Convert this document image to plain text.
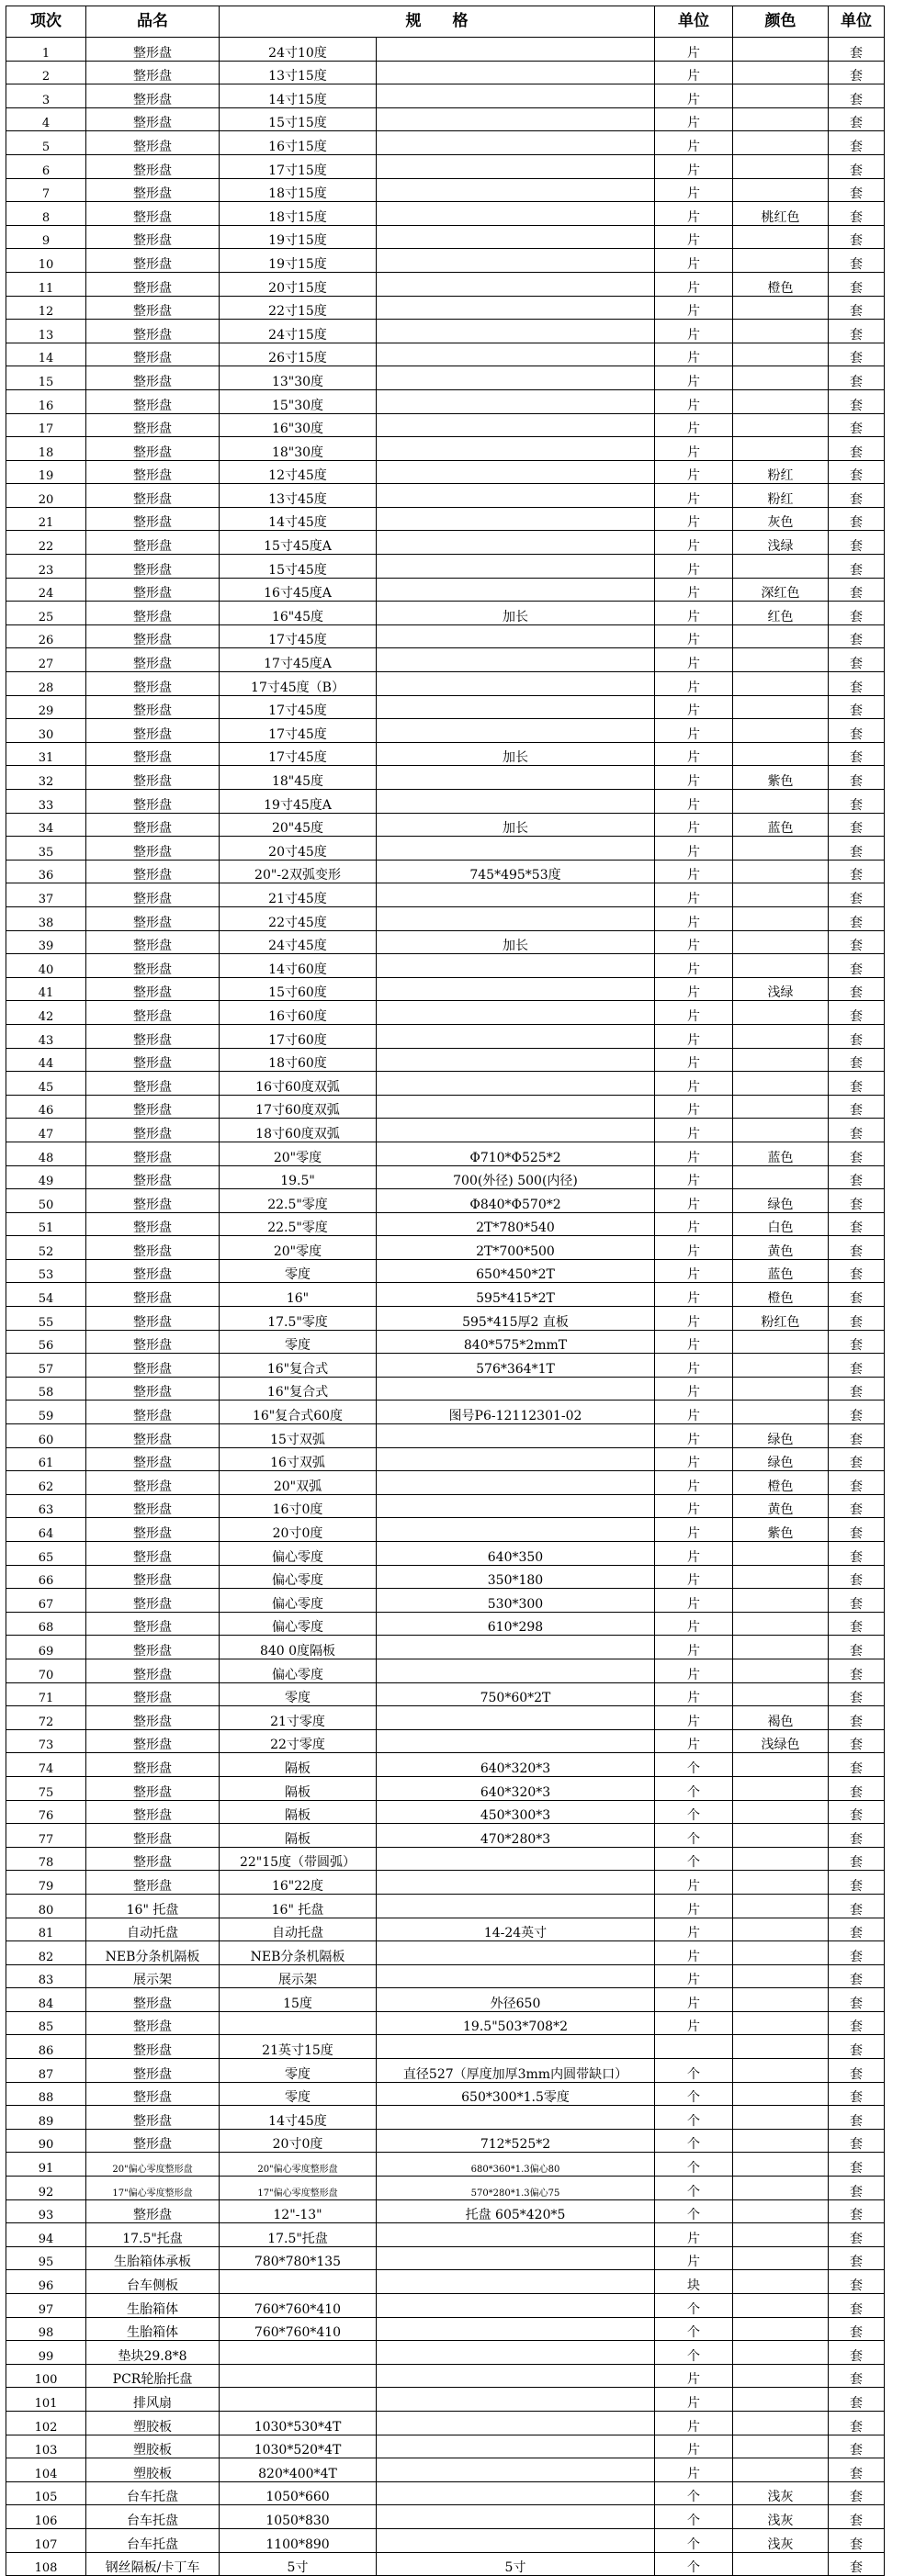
项次	品名	规　　格		单位	颜色	单位
1	整形盘	24寸10度		片		套
2	整形盘	13寸15度		片		套
3	整形盘	14寸15度		片		套
4	整形盘	15寸15度		片		套
5	整形盘	16寸15度		片		套
6	整形盘	17寸15度		片		套
7	整形盘	18寸15度		片		套
8	整形盘	18寸15度		片	桃红色	套
9	整形盘	19寸15度		片		套
10	整形盘	19寸15度		片		套
11	整形盘	20寸15度		片	橙色	套
12	整形盘	22寸15度		片		套
13	整形盘	24寸15度		片		套
14	整形盘	26寸15度		片		套
15	整形盘	13"30度		片		套
16	整形盘	15"30度		片		套
17	整形盘	16"30度		片		套
18	整形盘	18"30度		片		套
19	整形盘	12寸45度		片	粉红	套
20	整形盘	13寸45度		片	粉红	套
21	整形盘	14寸45度		片	灰色	套
22	整形盘	15寸45度A		片	浅绿	套
23	整形盘	15寸45度		片		套
24	整形盘	16寸45度A		片	深红色	套
25	整形盘	16"45度	加长	片	红色	套
26	整形盘	17寸45度		片		套
27	整形盘	17寸45度A		片		套
28	整形盘	17寸45度（B）		片		套
29	整形盘	17寸45度		片		套
30	整形盘	17寸45度		片		套
31	整形盘	17寸45度	加长	片		套
32	整形盘	18"45度		片	紫色	套
33	整形盘	19寸45度A		片		套
34	整形盘	20"45度	加长	片	蓝色	套
35	整形盘	20寸45度		片		套
36	整形盘	20"-2双弧变形	745*495*53度	片		套
37	整形盘	21寸45度		片		套
38	整形盘	22寸45度		片		套
39	整形盘	24寸45度	加长	片		套
40	整形盘	14寸60度		片		套
41	整形盘	15寸60度		片	浅绿	套
42	整形盘	16寸60度		片		套
43	整形盘	17寸60度		片		套
44	整形盘	18寸60度		片		套
45	整形盘	16寸60度双弧		片		套
46	整形盘	17寸60度双弧		片		套
47	整形盘	18寸60度双弧		片		套
48	整形盘	20"零度	Φ710*Φ525*2	片	蓝色	套
49	整形盘	19.5"	700(外径) 500(内径)	片		套
50	整形盘	22.5"零度	Φ840*Φ570*2	片	绿色	套
51	整形盘	22.5"零度	2T*780*540	片	白色	套
52	整形盘	20"零度	2T*700*500	片	黄色	套
53	整形盘	零度	650*450*2T	片	蓝色	套
54	整形盘	16"	595*415*2T	片	橙色	套
55	整形盘	17.5"零度	595*415厚2 直板	片	粉红色	套
56	整形盘	零度	840*575*2mmT	片		套
57	整形盘	16"复合式	576*364*1T	片		套
58	整形盘	16"复合式		片		套
59	整形盘	16"复合式60度	图号P6-12112301-02	片		套
60	整形盘	15寸双弧		片	绿色	套
61	整形盘	16寸双弧		片	绿色	套
62	整形盘	20"双弧		片	橙色	套
63	整形盘	16寸0度		片	黄色	套
64	整形盘	20寸0度		片	紫色	套
65	整形盘	偏心零度	640*350	片		套
66	整形盘	偏心零度	350*180	片		套
67	整形盘	偏心零度	530*300	片		套
68	整形盘	偏心零度	610*298	片		套
69	整形盘	840 0度隔板		片		套
70	整形盘	偏心零度		片		套
71	整形盘	零度	750*60*2T	片		套
72	整形盘	21寸零度		片	褐色	套
73	整形盘	22寸零度		片	浅绿色	套
74	整形盘	隔板	640*320*3	个		套
75	整形盘	隔板	640*320*3	个		套
76	整形盘	隔板	450*300*3	个		套
77	整形盘	隔板	470*280*3	个		套
78	整形盘	22"15度（带圆弧）		个		套
79	整形盘	16"22度		片		套
80	16" 托盘	16" 托盘		片		套
81	自动托盘	自动托盘	14-24英寸	片		套
82	NEB分条机隔板	NEB分条机隔板		片		套
83	展示架	展示架		片		套
84	整形盘	15度	外径650	片		套
85	整形盘		19.5"503*708*2	片		套
86	整形盘	21英寸15度				套
87	整形盘	零度	直径527（厚度加厚3mm内圆带缺口）	个		套
88	整形盘	零度	650*300*1.5零度	个		套
89	整形盘	14寸45度		个		套
90	整形盘	20寸0度	712*525*2	个		套
91	20"偏心零度整形盘	20"偏心零度整形盘	680*360*1.3偏心80	个		套
92	17"偏心零度整形盘	17"偏心零度整形盘	570*280*1.3偏心75	个		套
93	整形盘	12"-13"	托盘 605*420*5	个		套
94	17.5"托盘	17.5"托盘		片		套
95	生胎箱体承板	780*780*135		片		套
96	台车侧板			块		套
97	生胎箱体	760*760*410		个		套
98	生胎箱体	760*760*410		个		套
99	垫块29.8*8			个		套
100	PCR轮胎托盘			片		套
101	排风扇			片		套
102	塑胶板	1030*530*4T		片		套
103	塑胶板	1030*520*4T		片		套
104	塑胶板	820*400*4T		片		套
105	台车托盘	1050*660		个	浅灰	套
106	台车托盘	1050*830		个	浅灰	套
107	台车托盘	1100*890		个	浅灰	套
108	钢丝隔板/卡丁车	5寸	5寸	个		套
